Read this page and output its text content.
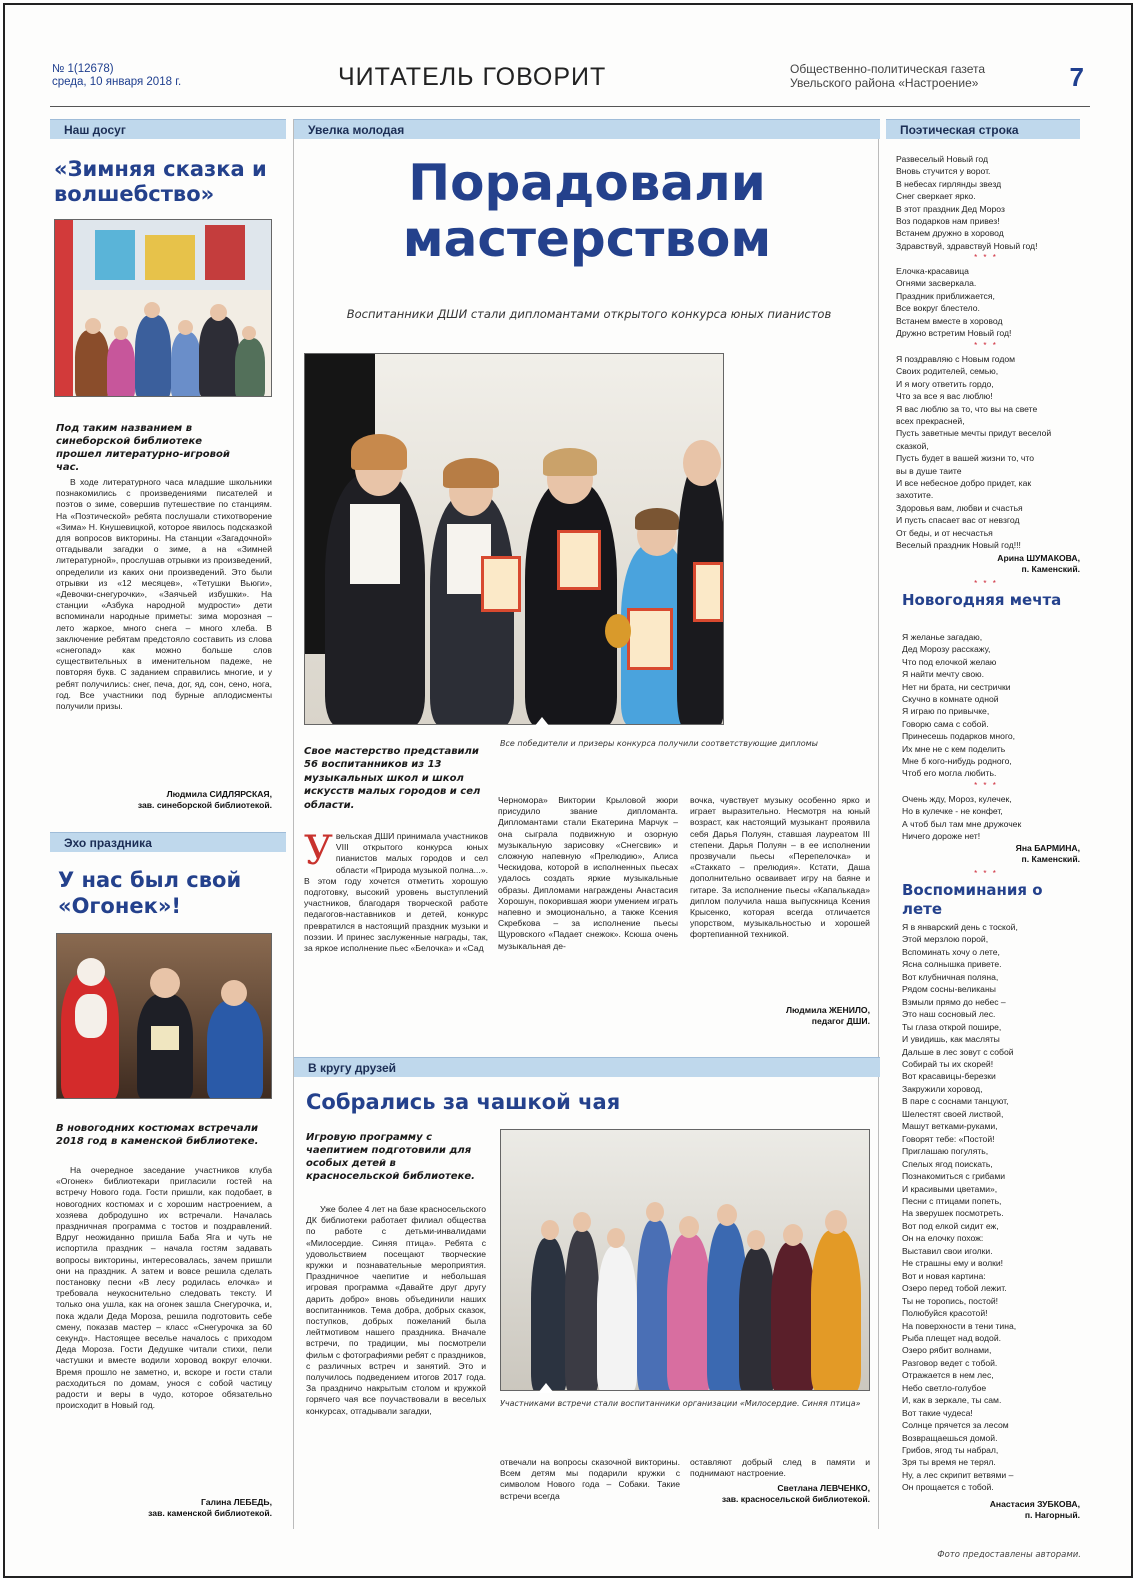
№ 1(12678)
среда, 10 января 2018 г.	ЧИТАТЕЛЬ ГОВОРИТ	Общественно-политическая газета
Увельского района «Настроение»	7
Наш досуг
«Зимняя сказка и волшебство»
Под таким названием в синеборской библиотеке прошел литературно-игровой час.
В ходе литературного часа младшие школьники познакомились с произведениями писателей и поэтов о зиме, совершив путешествие по станциям. На «Поэтической» ребята послушали стихотворение «Зима» Н. Кнушевицкой, которое явилось подсказкой для вопросов викторины. На станции «Загадочной» отгадывали загадки о зиме, а на «Зимней литературной», прослушав отрывки из произведений, определили из каких они произведений. Это были отрывки из «12 месяцев», «Тетушки Вьюги», «Девочки-снегурочки», «Заячьей избушки». На станции «Азбука народной мудрости» дети вспоминали народные приметы: зима морозная – лето жаркое, много снега – много хлеба. В заключение ребятам предстояло составить из слова «снегопад» как можно больше слов существительных в именительном падеже, не повторяя букв. С заданием справились многие, и у ребят получились: снег, печа, дог, яд, сон, сено, нога, год. Все участники под бурные аплодисменты получили призы.
Людмила СИДЛЯРСКАЯ,
зав. синеборской библиотекой.
Эхо праздника
У нас был свой «Огонек»!
В новогодних костюмах встречали 2018 год в каменской библиотеке.
На очередное заседание участников клуба «Огонек» библиотекари пригласили гостей на встречу Нового года. Гости пришли, как подобает, в новогодних костюмах и с хорошим настроением, а хозяева добродушно их встречали. Началась праздничная программа с тостов и поздравлений. Вдруг неожиданно пришла Баба Яга и чуть не испортила праздник – начала гостям задавать вопросы викторины, интересовалась, зачем пришли они на праздник. А затем и вовсе решила сделать постановку песни «В лесу родилась елочка» и требовала неукоснительно следовать тексту. И только она ушла, как на огонек зашла Снегурочка, и, пока ждали Деда Мороза, решила подготовить себе смену, показав мастер – класс «Снегурочка за 60 секунд». Настоящее веселье началось с приходом Деда Мороза. Гости Дедушке читали стихи, пели частушки и вместе водили хоровод вокруг елочки. Время прошло не заметно, и, вскоре и гости стали расходиться по домам, унося с собой частицу радости и веры в чудо, которое обязательно происходит в Новый год.
Галина ЛЕБЕДЬ,
зав. каменской библиотекой.
Увелка молодая
Порадовали
мастерством
Воспитанники ДШИ стали дипломантами открытого конкурса юных пианистов
Все победители и призеры конкурса получили соответствующие дипломы
Свое мастерство представили 56 воспитанников из 13 музыкальных школ и школ искусств малых городов и сел области.
У вельская ДШИ принимала участников VIII открытого конкурса юных пианистов малых городов и сел области «Природа музыкой полна...». В этом году хочется отметить хорошую подготовку, высокий уровень выступлений участников, благодаря творческой работе педагогов-наставников и детей, конкурс превратился в настоящий праздник музыки и поэзии. И принес заслуженные награды, так, за яркое исполнение пьес «Белочка» и «Сад
Черномора» Виктории Крыловой жюри присудило звание дипломанта. Дипломантами стали Екатерина Марчук – она сыграла подвижную и озорную музыкальную зарисовку «Снегсвик» и сложную напевную «Прелюдию», Алиса Ческидова, которой в исполненных пьесах удалось создать яркие музыкальные образы. Дипломами награждены Анастасия Хорошун, покорившая жюри умением играть напевно и эмоционально, а также Ксения Скребкова – за исполнение пьесы Щуровского «Падает снежок». Ксюша очень музыкальная де-
вочка, чувствует музыку особенно ярко и играет выразительно. Несмотря на юный возраст, как настоящий музыкант проявила себя Дарья Полуян, ставшая лауреатом III степени. Дарья Полуян – в ее исполнении прозвучали пьесы «Перепелочка» и «Стаккато – прелюдия». Кстати, Даша дополнительно осваивает игру на баяне и гитаре. За исполнение пьесы «Капалькада» диплом получила наша выпускница Ксения Крысенко, которая всегда отличается упорством, музыкальностью и хорошей фортепианной техникой.
Людмила ЖЕНИЛО,
педагог ДШИ.
В кругу друзей
Собрались за чашкой чая
Игровую программу с чаепитием подготовили для особых детей в красносельской библиотеке.
Уже более 4 лет на базе красносельского ДК библиотеки работает филиал общества по работе с детьми-инвалидами «Милосердие. Синяя птица». Ребята с удовольствием посещают творческие кружки и познавательные мероприятия. Праздничное чаепитие и небольшая игровая программа «Давайте друг другу дарить добро» вновь объединили наших воспитанников. Тема добра, добрых сказок, поступков, добрых пожеланий была лейтмотивом нашего праздника. Вначале встречи, по традиции, мы посмотрели фильм с фотографиями ребят с праздников, с различных встреч и занятий. Это и получилось подведением итогов 2017 года. За праздничо накрытым столом и кружкой горячего чая все поучаствовали в веселых конкурсах, отгадывали загадки,
Участниками встречи стали воспитанники организации «Милосердие. Синяя птица»
отвечали на вопросы сказочной викторины. Всем детям мы подарили кружки с символом Нового года – Собаки. Такие встречи всегда
оставляют добрый след в памяти и поднимают настроение.
Светлана ЛЕВЧЕНКО,
зав. красносельской библиотекой.
Поэтическая строка
Развеселый Новый год
Вновь стучится у ворот.
В небесах гирлянды звезд
Снег сверкает ярко.
В этот праздник Дед Мороз
Воз подарков нам привез!
Встанем дружно в хоровод
Здравствуй, здравствуй Новый год!
* * *
Елочка-красавица
Огнями засверкала.
Праздник приближается,
Все вокруг блестело.
Встанем вместе в хоровод
Дружно встретим Новый год!
* * *
Я поздравляю с Новым годом
Своих родителей, семью,
И я могу ответить гордо,
Что за все я вас люблю!
Я вас люблю за то, что вы на свете
всех прекрасней,
Пусть заветные мечты придут веселой сказкой,
Пусть будет в вашей жизни то, что
вы в душе таите
И все небесное добро придет, как
захотите.
Здоровья вам, любви и счастья
И пусть спасает вас от невзгод
От беды, и от несчастья
Веселый праздник Новый год!!!
Арина ШУМАКОВА,
п. Каменский.
* * *
Новогодняя мечта
Я желанье загадаю,
Дед Морозу расскажу,
Что под елочкой желаю
Я найти мечту свою.
Нет ни брата, ни сестрички
Скучно в комнате одной
Я играю по привычке,
Говорю сама с собой.
Принесешь подарков много,
Их мне не с кем поделить
Мне б кого-нибудь родного,
Чтоб его могла любить.
* * *
Очень жду, Мороз, кулечек,
Но в кулечке - не конфет,
А чтоб был там мне дружочек
Ничего дороже нет!
Яна БАРМИНА,
п. Каменский.
* * *
Воспоминания о лете
Я в январский день с тоской,
Этой мерзлою порой,
Вспоминать хочу о лете,
Ясна солнышка привете.
Вот клубничная поляна,
Рядом сосны-великаны
Взмыли прямо до небес –
Это наш сосновый лес.
Ты глаза открой пошире,
И увидишь, как масляты
Дальше в лес зовут с собой
Собирай ты их скорей!
Вот красавицы-березки
Закружили хоровод,
В паре с соснами танцуют,
Шелестят своей листвой,
Машут ветками-руками,
Говорят тебе: «Постой!
Приглашаю погулять,
Спелых ягод поискать,
Познакомиться с грибами
И красивыми цветами»,
Песни с птицами попеть,
На зверушек посмотреть.
Вот под елкой сидит еж,
Он на елочку похож:
Выставил свои иголки.
Не страшны ему и волки!
Вот и новая картина:
Озеро перед тобой лежит.
Ты не торопись, постой!
Полюбуйся красотой!
На поверхности в тени тина,
Рыба плещет над водой.
Озеро рябит волнами,
Разговор ведет с тобой.
Отражается в нем лес,
Небо светло-голубое
И, как в зеркале, ты сам.
Вот такие чудеса!
Солнце прячется за лесом
Возвращаешься домой.
Грибов, ягод ты набрал,
Зря ты время не терял.
Ну, а лес скрипит ветвями –
Он прощается с тобой.
Анастасия ЗУБКОВА,
п. Нагорный.
Фото предоставлены авторами.
